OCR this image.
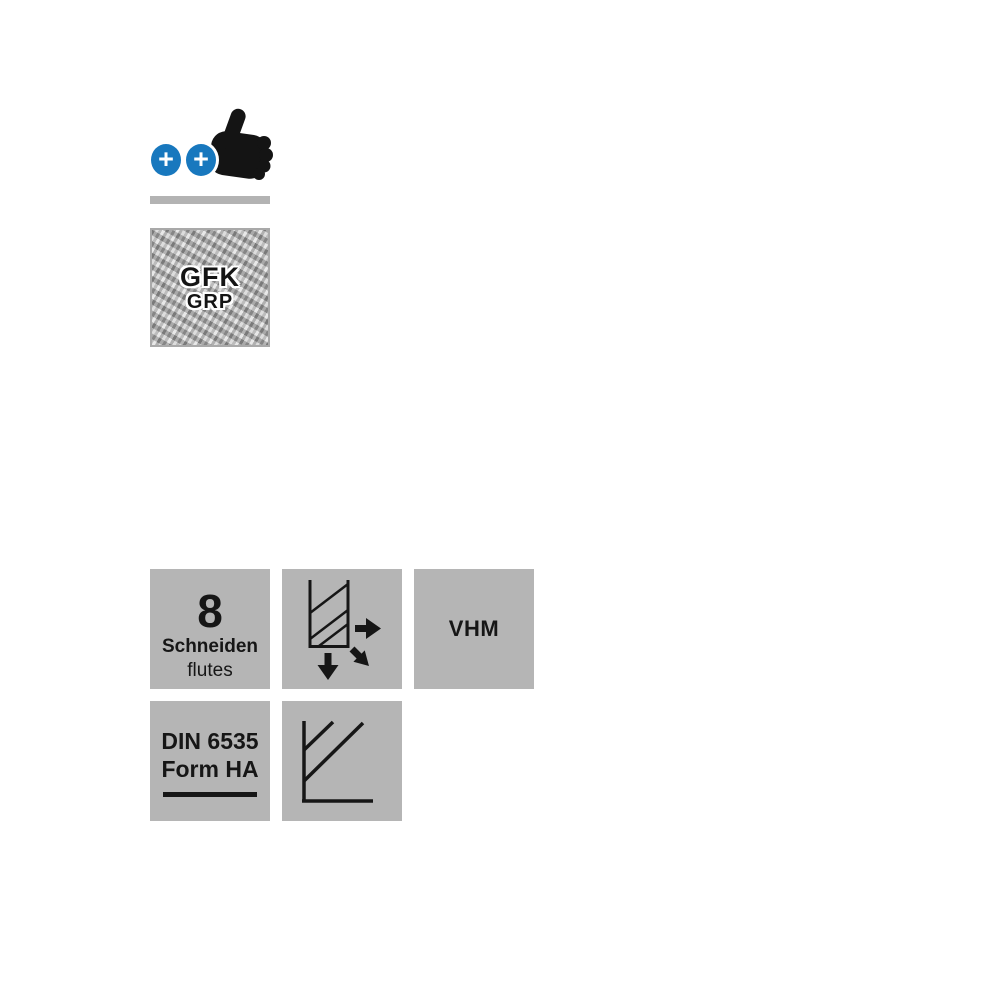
+ +
GFK
GRP
8
Schneiden
flutes
VHM
DIN 6535
Form HA
